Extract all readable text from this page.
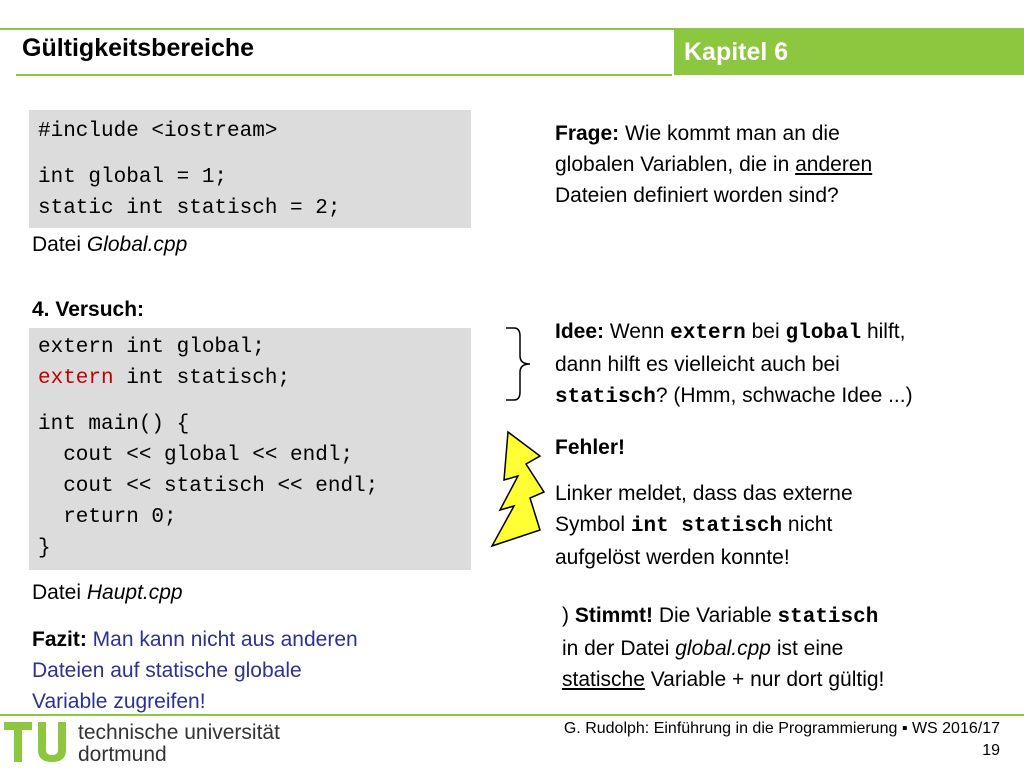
Gültigkeitsbereiche	Kapitel 6
#include <iostream>
int global = 1;
static int statisch = 2;
Datei Global.cpp
4. Versuch:
extern int global;
extern int statisch;
int main() {
cout << global << endl;
cout << statisch << endl;
return 0;
}
Datei Haupt.cpp
Fazit: Man kann nicht aus anderen
Dateien auf statische globale
Variable zugreifen!
Frage: Wie kommt man an die
globalen Variablen, die in anderen
Dateien definiert worden sind?
Idee: Wenn extern bei global hilft,
dann hilft es vielleicht auch bei
statisch? (Hmm, schwache Idee ...)
Fehler!
Linker meldet, dass das externe
Symbol int statisch nicht
aufgelöst werden konnte!
) Stimmt! Die Variable statisch
in der Datei global.cpp ist eine
statische Variable + nur dort gültig!
technische universität
dortmund
G. Rudolph: Einführung in die Programmierung ▪ WS 2016/17
19
